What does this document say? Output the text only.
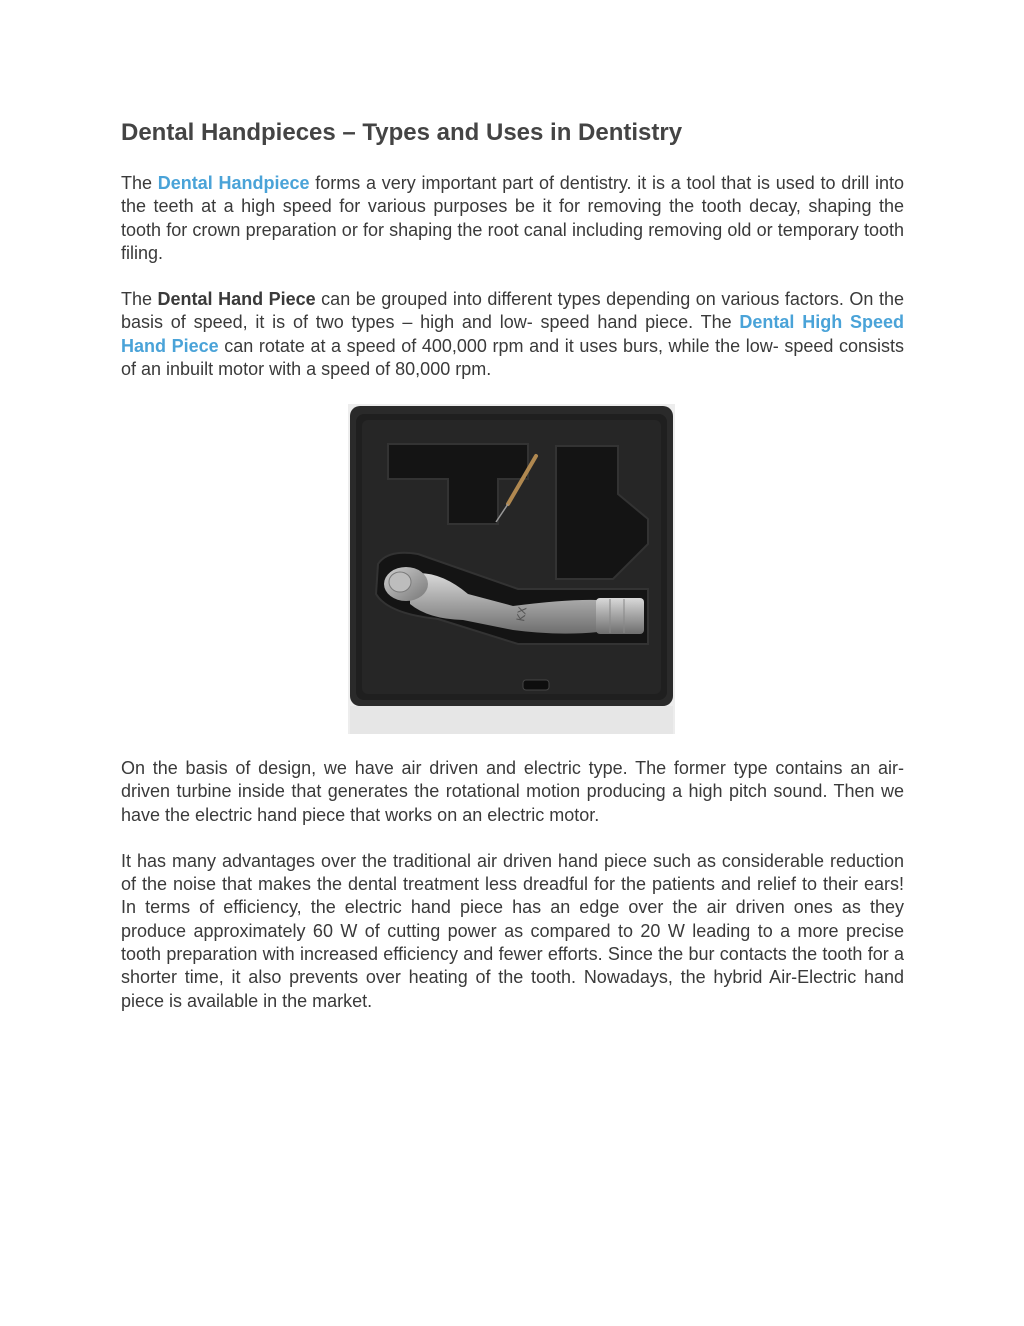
Dental Handpieces – Types and Uses in Dentistry

The Dental Handpiece forms a very important part of dentistry. it is a tool that is used to drill into the teeth at a high speed for various purposes be it for removing the tooth decay, shaping the tooth for crown preparation or for shaping the root canal including removing old or temporary tooth filing.

The Dental Hand Piece can be grouped into different types depending on various factors. On the basis of speed, it is of two types – high and low- speed hand piece. The Dental High Speed Hand Piece can rotate at a speed of 400,000 rpm and it uses burs, while the low- speed consists of an inbuilt motor with a speed of 80,000 rpm.

KX

On the basis of design, we have air driven and electric type. The former type contains an air-driven turbine inside that generates the rotational motion producing a high pitch sound. Then we have the electric hand piece that works on an electric motor.

It has many advantages over the traditional air driven hand piece such as considerable reduction of the noise that makes the dental treatment less dreadful for the patients and relief to their ears! In terms of efficiency, the electric hand piece has an edge over the air driven ones as they produce approximately 60 W of cutting power as compared to 20 W leading to a more precise tooth preparation with increased efficiency and fewer efforts. Since the bur contacts the tooth for a shorter time, it also prevents over heating of the tooth. Nowadays, the hybrid Air-Electric hand piece is available in the market.
